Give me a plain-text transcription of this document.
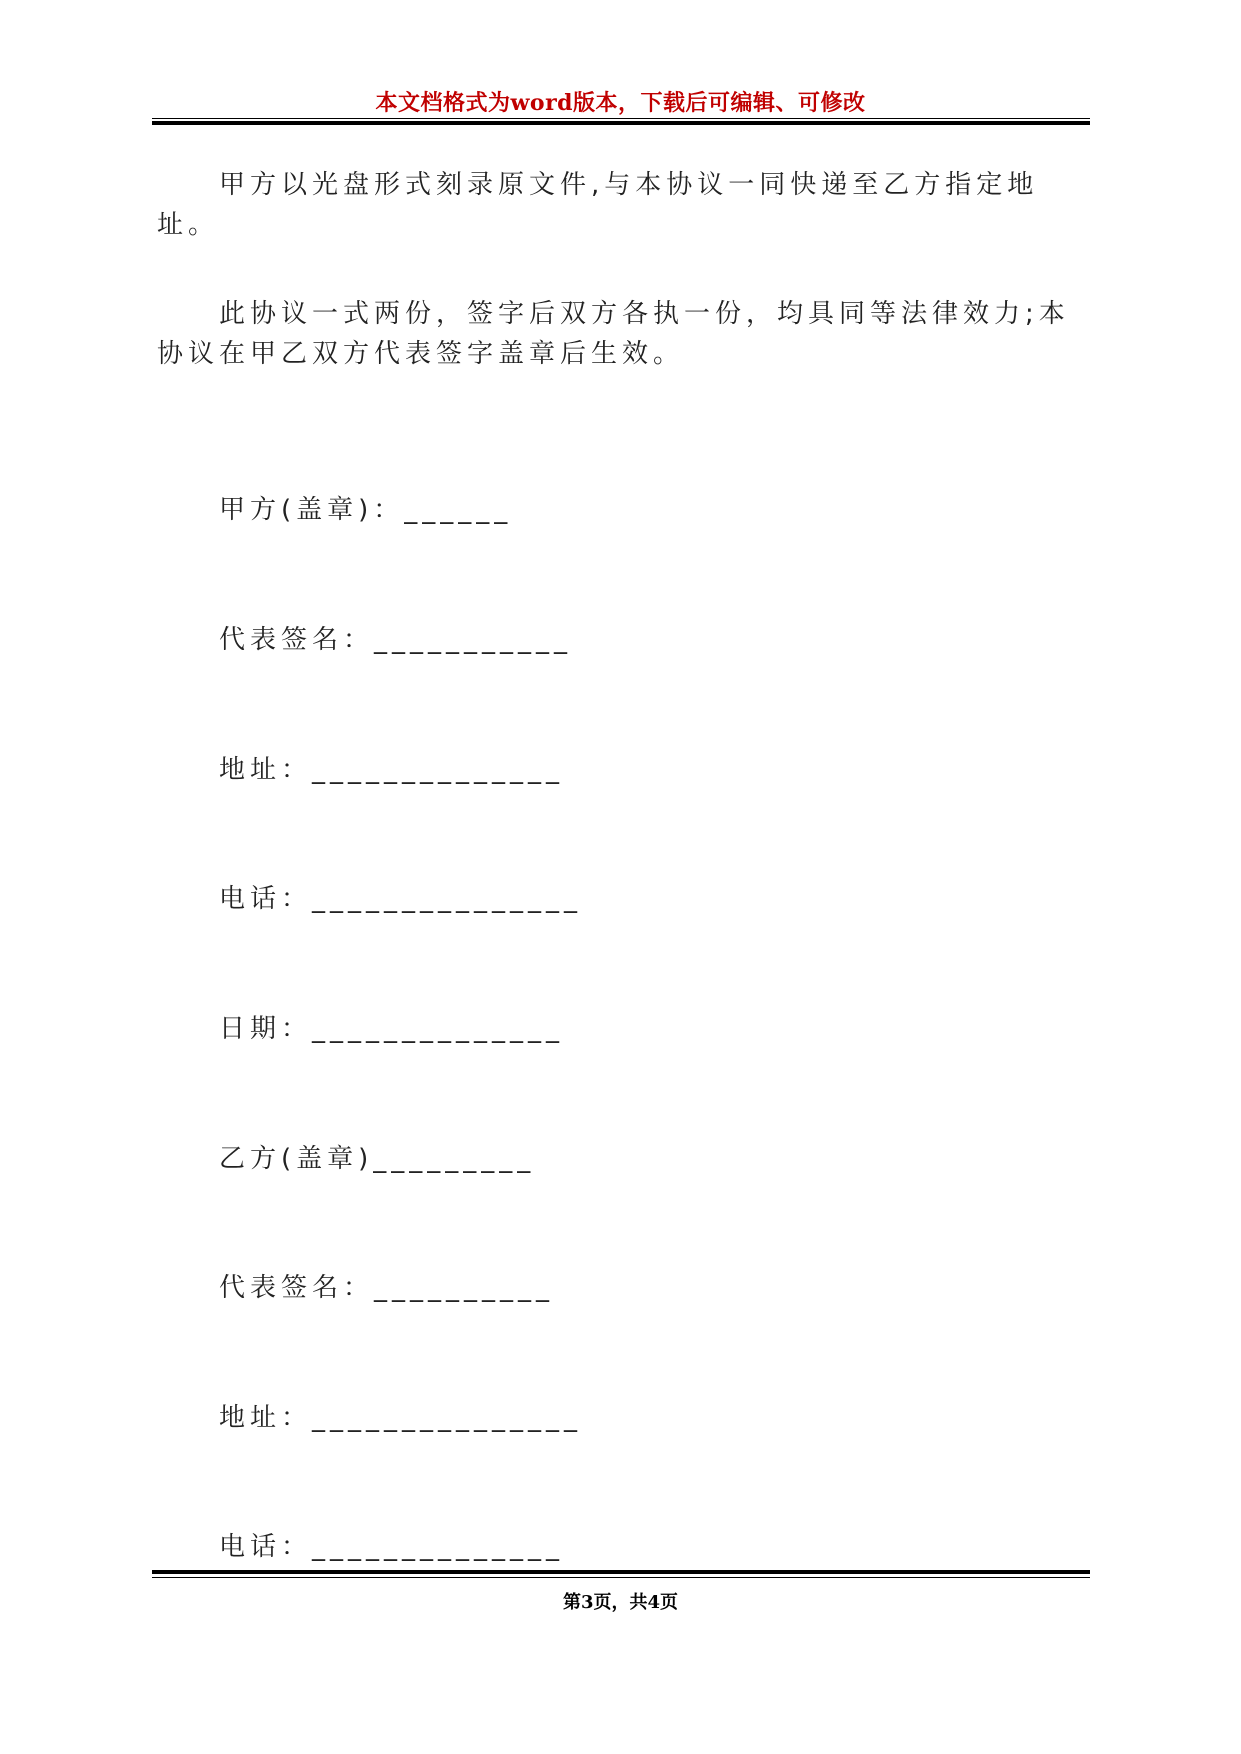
本文档格式为word版本，下载后可编辑、可修改
甲方以光盘形式刻录原文件,与本协议一同快递至乙方指定地址。
此协议一式两份，签字后双方各执一份，均具同等法律效力;本协议在甲乙双方代表签字盖章后生效。
甲方(盖章)：______
代表签名：___________
地址：______________
电话：_______________
日期：______________
乙方(盖章)_________
代表签名：__________
地址：_______________
电话：______________
第3页，共4页
